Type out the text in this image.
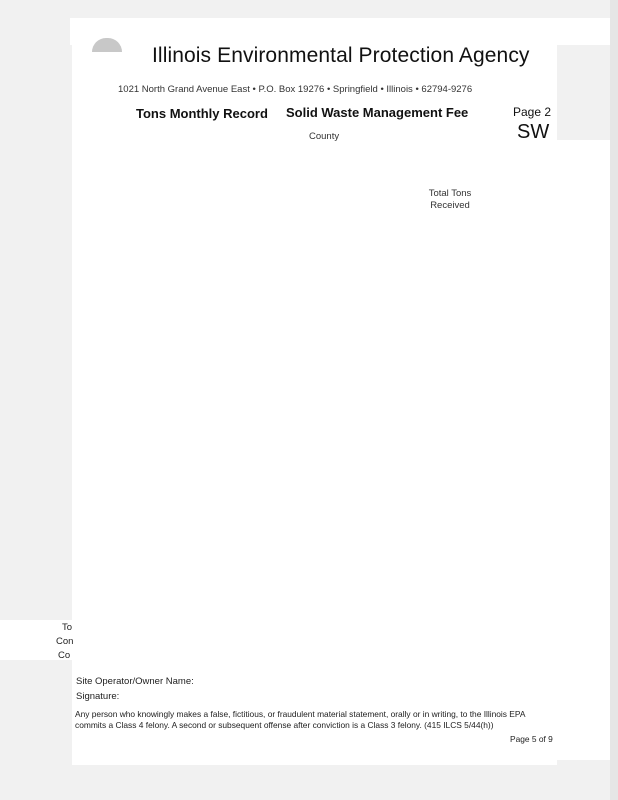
Illinois Environmental Protection Agency
1021 North Grand Avenue East • P.O. Box 19276 • Springfield • Illinois • 62794-9276
Tons Monthly Record Solid Waste Management Fee	Page 2
SW
County
Total Tons Received
To
Con
Co
Site Operator/Owner Name:
Signature:
Any person who knowingly makes a false, fictitious, or fraudulent material statement, orally or in writing, to the Illinois EPA commits a Class 4 felony. A second or subsequent offense after conviction is a Class 3 felony. (415 ILCS 5/44(h))
Page 5 of 9
